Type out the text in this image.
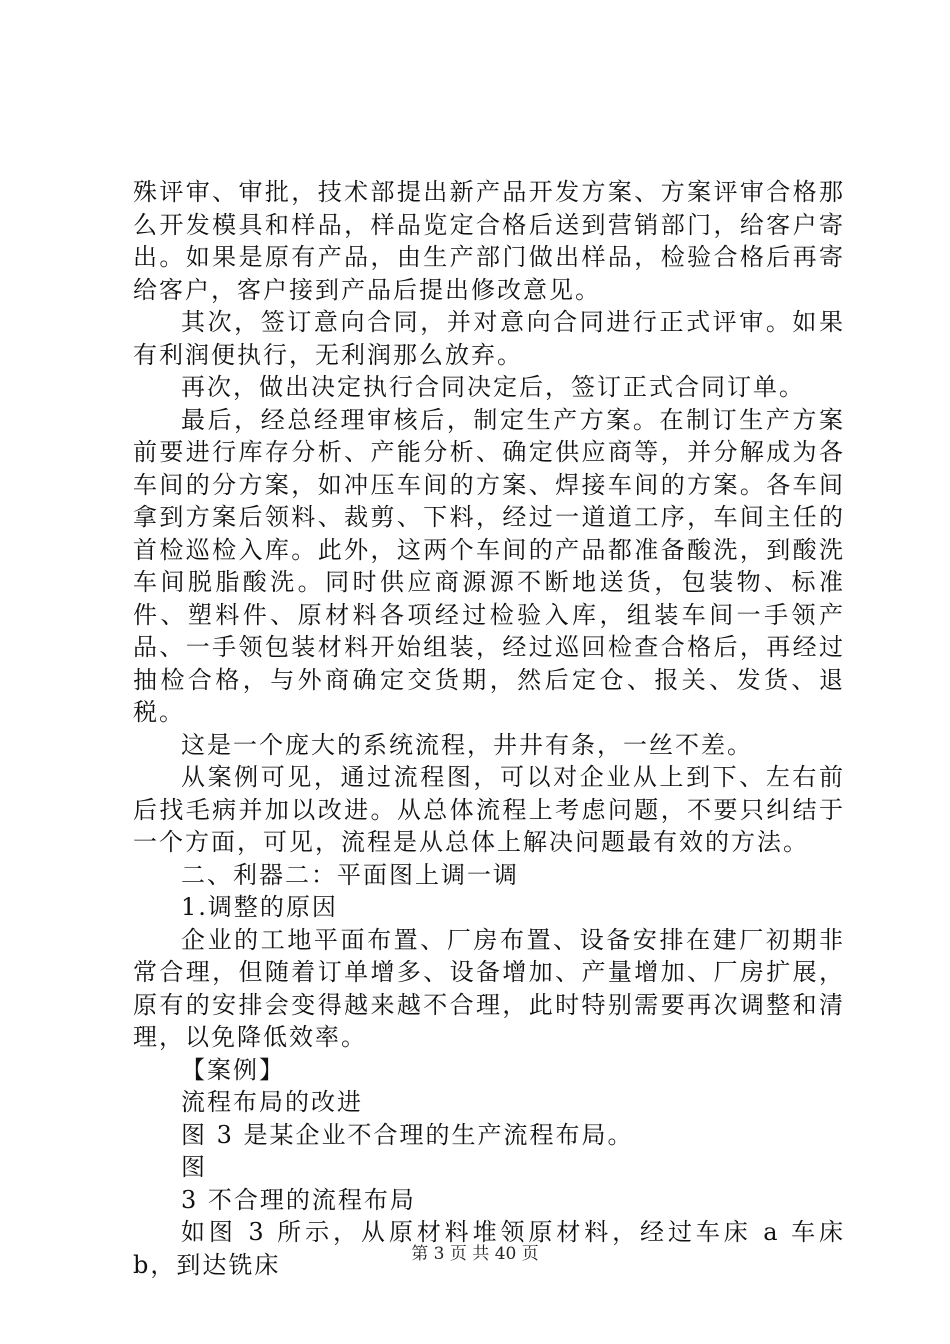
殊评审、审批，技术部提出新产品开发方案、方案评审合格那么开发模具和样品，样品览定合格后送到营销部门，给客户寄出。如果是原有产品，由生产部门做出样品，检验合格后再寄给客户，客户接到产品后提出修改意见。

其次，签订意向合同，并对意向合同进行正式评审。如果有利润便执行，无利润那么放弃。

再次，做出决定执行合同决定后，签订正式合同订单。

最后，经总经理审核后，制定生产方案。在制订生产方案前要进行库存分析、产能分析、确定供应商等，并分解成为各车间的分方案，如冲压车间的方案、焊接车间的方案。各车间拿到方案后领料、裁剪、下料，经过一道道工序，车间主任的首检巡检入库。此外，这两个车间的产品都准备酸洗，到酸洗车间脱脂酸洗。同时供应商源源不断地送货，包装物、标准件、塑料件、原材料各项经过检验入库，组装车间一手领产品、一手领包装材料开始组装，经过巡回检查合格后，再经过抽检合格，与外商确定交货期，然后定仓、报关、发货、退税。

这是一个庞大的系统流程，井井有条，一丝不差。

从案例可见，通过流程图，可以对企业从上到下、左右前后找毛病并加以改进。从总体流程上考虑问题，不要只纠结于一个方面，可见，流程是从总体上解决问题最有效的方法。

二、利器二：平面图上调一调

1.调整的原因

企业的工地平面布置、厂房布置、设备安排在建厂初期非常合理，但随着订单增多、设备增加、产量增加、厂房扩展，原有的安排会变得越来越不合理，此时特别需要再次调整和清理，以免降低效率。

【案例】

流程布局的改进

图 3 是某企业不合理的生产流程布局。

图

3 不合理的流程布局

如图 3 所示，从原材料堆领原材料，经过车床 a 车床 b，到达铣床	第 3 页 共 40 页
